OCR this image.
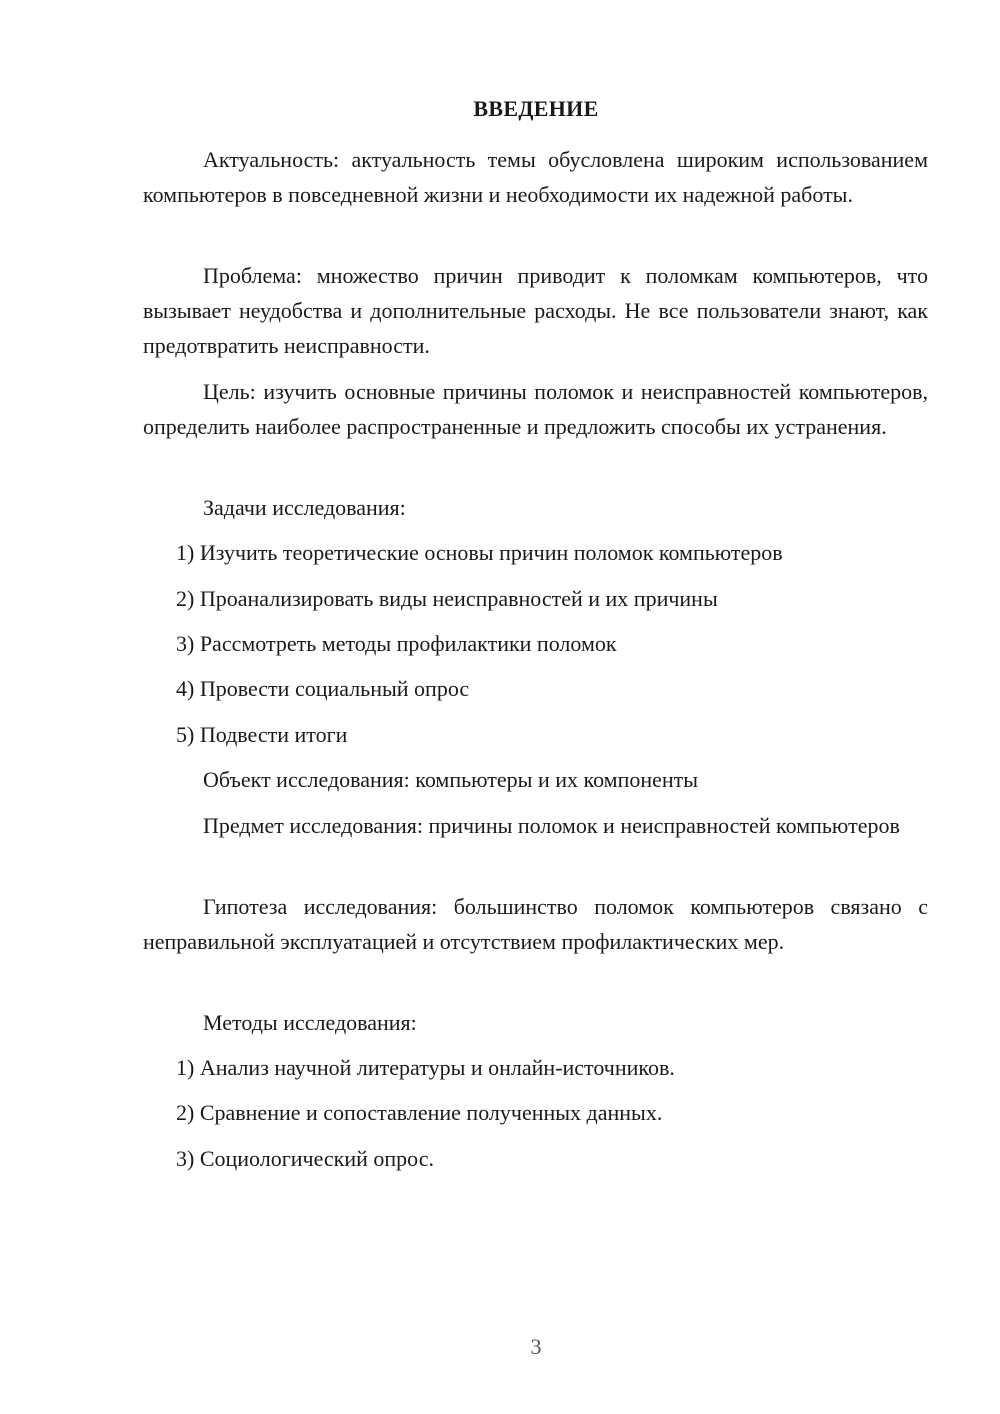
ВВЕДЕНИЕ

Актуальность: актуальность темы обусловлена широким использованием компьютеров в повседневной жизни и необходимости их надежной работы.

Проблема: множество причин приводит к поломкам компьютеров, что вызывает неудобства и дополнительные расходы. Не все пользователи знают, как предотвратить неисправности.

Цель: изучить основные причины поломок и неисправностей компьютеров, определить наиболее распространенные и предложить способы их устранения.

Задачи исследования:

1) Изучить теоретические основы причин поломок компьютеров

2) Проанализировать виды неисправностей и их причины

3) Рассмотреть методы профилактики поломок

4) Провести социальный опрос

5) Подвести итоги

Объект исследования: компьютеры и их компоненты

Предмет исследования: причины поломок и неисправностей компьютеров

Гипотеза исследования: большинство поломок компьютеров связано с неправильной эксплуатацией и отсутствием профилактических мер.

Методы исследования:

1) Анализ научной литературы и онлайн-источников.

2) Сравнение и сопоставление полученных данных.

3) Социологический опрос.

3
